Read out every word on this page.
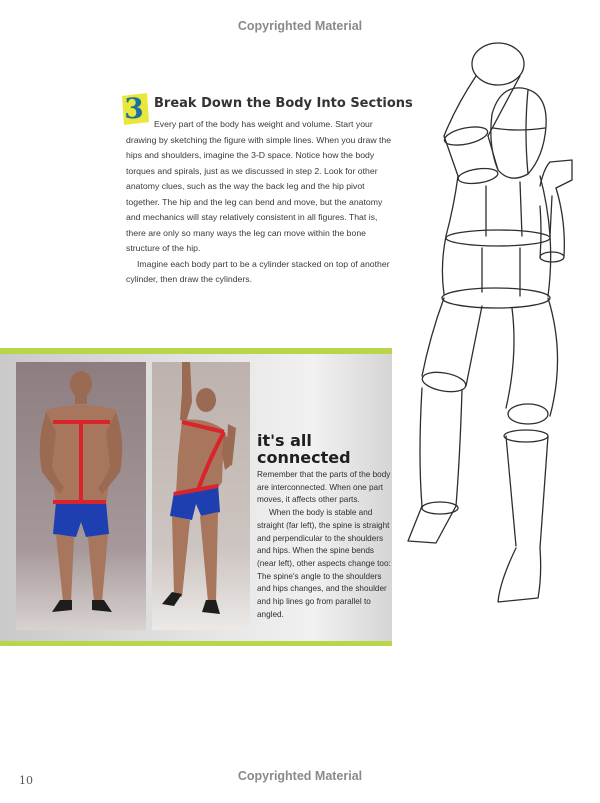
Copyrighted Material
3 Break Down the Body Into Sections

Every part of the body has weight and volume. Start your drawing by sketching the figure with simple lines. When you draw the hips and shoulders, imagine the 3-D space. Notice how the body torques and spirals, just as we discussed in step 2. Look for other anatomy clues, such as the way the back leg and the hip pivot together. The hip and the leg can bend and move, but the anatomy and mechanics will stay relatively consistent in all figures. That is, there are only so many ways the leg can move within the bone structure of the hip.

Imagine each body part to be a cylinder stacked on top of another cylinder, then draw the cylinders.

it's all
connected

Remember that the parts of the body are interconnected. When one part moves, it affects other parts.

When the body is stable and straight (far left), the spine is straight and perpendicular to the shoulders and hips. When the spine bends (near left), other aspects change too: The spine's angle to the shoulders and hips changes, and the shoulder and hip lines go from parallel to angled.

10	Copyrighted Material
